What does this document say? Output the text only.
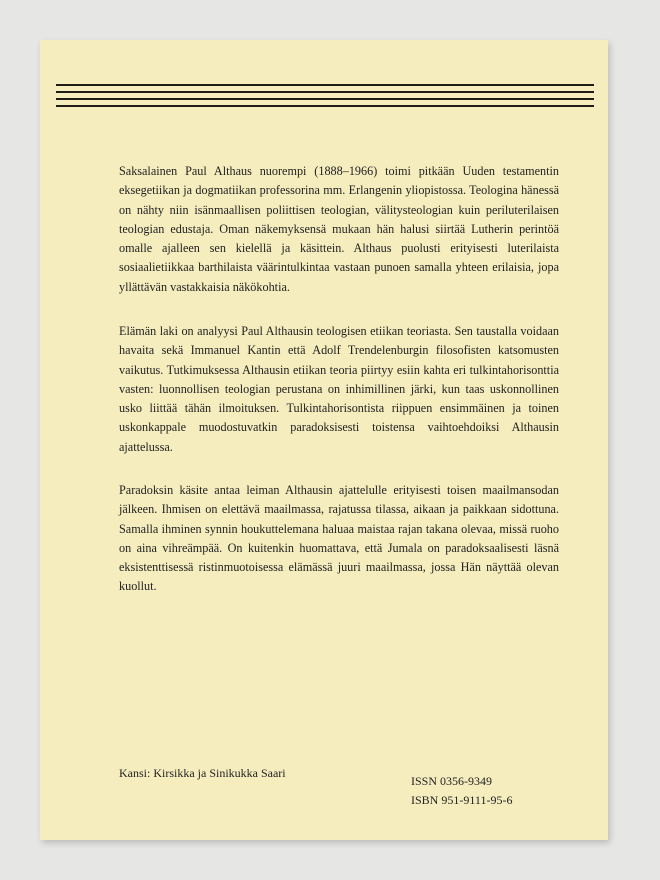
Saksalainen Paul Althaus nuorempi (1888–1966) toimi pitkään Uuden testamentin eksegetiikan ja dogmatiikan professorina mm. Erlangenin yliopistossa. Teologina hänessä on nähty niin isänmaallisen poliittisen teologian, välitysteologian kuin periluterilaisen teologian edustaja. Oman näkemyksensä mukaan hän halusi siirtää Lutherin perintöä omalle ajalleen sen kielellä ja käsittein. Althaus puolusti erityisesti luterilaista sosiaalietiikkaa barthilaista väärintulkintaa vastaan punoen samalla yhteen erilaisia, jopa yllättävän vastakkaisia näkökohtia.

Elämän laki on analyysi Paul Althausin teologisen etiikan teoriasta. Sen taustalla voidaan havaita sekä Immanuel Kantin että Adolf Trendelenburgin filosofisten katsomusten vaikutus. Tutkimuksessa Althausin etiikan teoria piirtyy esiin kahta eri tulkintahorisonttia vasten: luonnollisen teologian perustana on inhimillinen järki, kun taas uskonnollinen usko liittää tähän ilmoituksen. Tulkintahorisontista riippuen ensimmäinen ja toinen uskonkappale muodostuvatkin paradoksisesti toistensa vaihtoehdoiksi Althausin ajattelussa.

Paradoksin käsite antaa leiman Althausin ajattelulle erityisesti toisen maailmansodan jälkeen. Ihmisen on elettävä maailmassa, rajatussa tilassa, aikaan ja paikkaan sidottuna. Samalla ihminen synnin houkuttelemana haluaa maistaa rajan takana olevaa, missä ruoho on aina vihreämpää. On kuitenkin huomattava, että Jumala on paradoksaalisesti läsnä eksistenttisessä ristinmuotoisessa elämässä juuri maailmassa, jossa Hän näyttää olevan kuollut.

Kansi: Kirsikka ja Sinikukka Saari

ISSN 0356-9349

ISBN 951-9111-95-6
